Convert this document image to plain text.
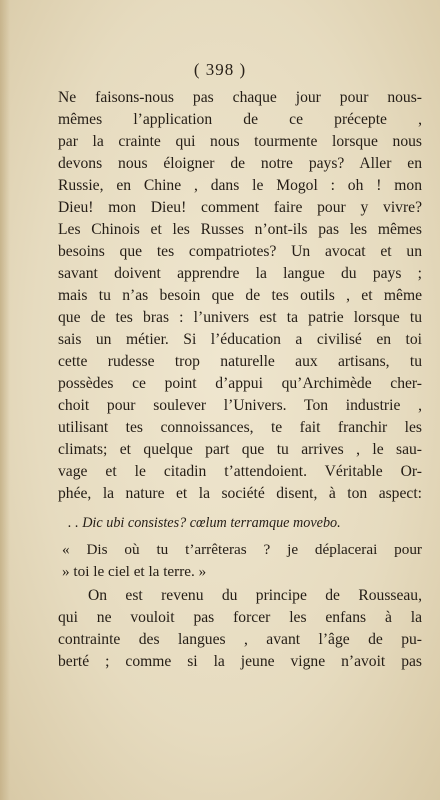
( 398 )
Ne faisons-nous pas chaque jour pour nous-
mêmes l’application de ce précepte ,
par la crainte qui nous tourmente lorsque nous
devons nous éloigner de notre pays? Aller en
Russie, en Chine , dans le Mogol : oh ! mon
Dieu! mon Dieu! comment faire pour y vivre?
Les Chinois et les Russes n’ont-ils pas les mêmes
besoins que tes compatriotes? Un avocat et un
savant doivent apprendre la langue du pays ;
mais tu n’as besoin que de tes outils , et même
que de tes bras : l’univers est ta patrie lorsque tu
sais un métier. Si l’éducation a civilisé en toi
cette rudesse trop naturelle aux artisans, tu
possèdes ce point d’appui qu’Archimède cher-
choit pour soulever l’Univers. Ton industrie ,
utilisant tes connoissances, te fait franchir les
climats; et quelque part que tu arrives , le sau-
vage et le citadin t’attendoient. Véritable Or-
phée, la nature et la société disent, à ton aspect:
. . Dic ubi consistes? cœlum terramque movebo.
« Dis où tu t’arrêteras ? je déplacerai pour
» toi le ciel et la terre. »
On est revenu du principe de Rousseau,
qui ne vouloit pas forcer les enfans à la
contrainte des langues , avant l’âge de pu-
berté ; comme si la jeune vigne n’avoit pas
